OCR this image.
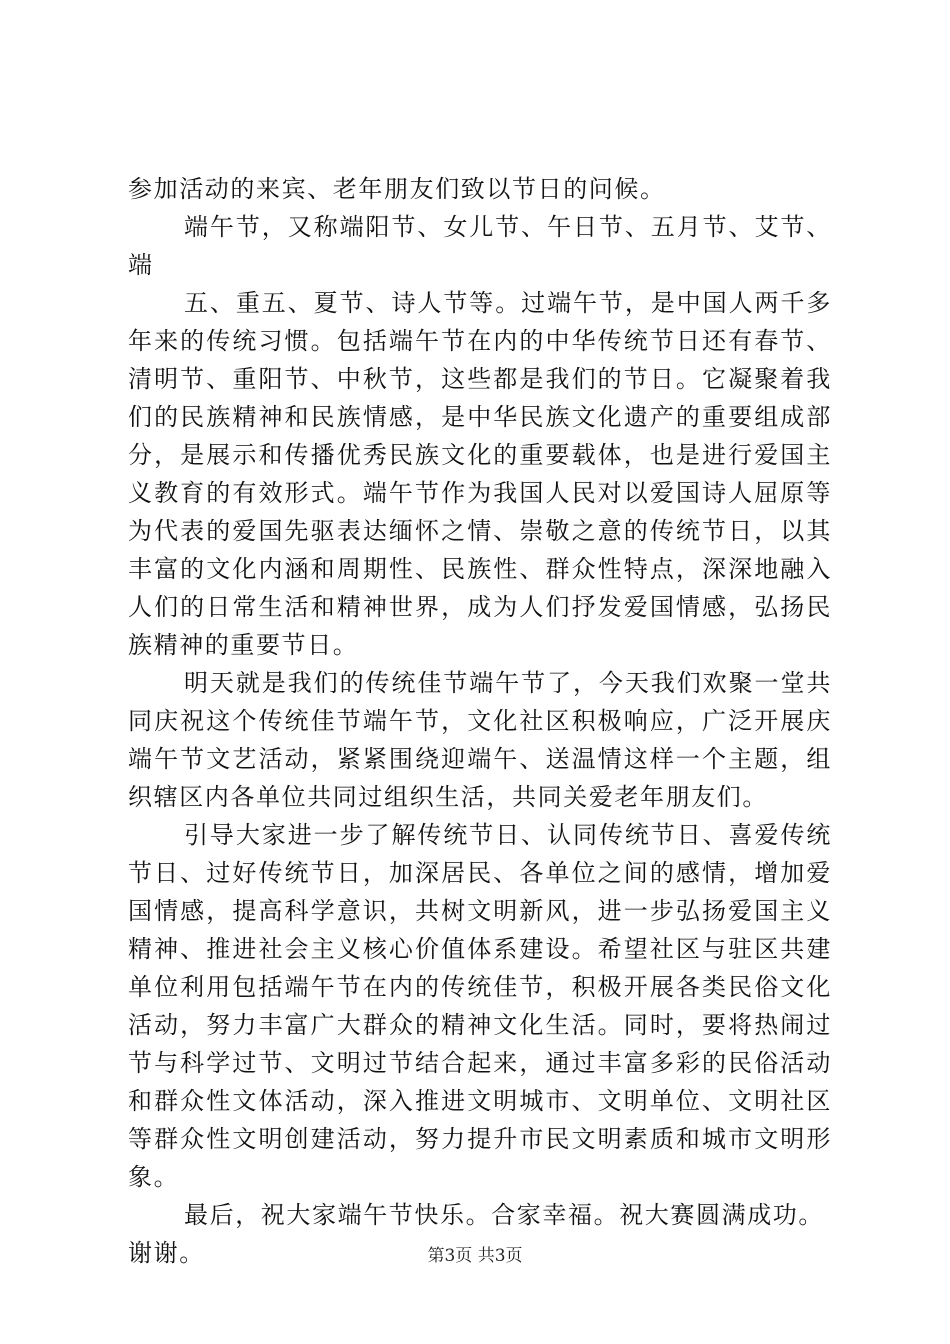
参加活动的来宾、老年朋友们致以节日的问候。
端午节，又称端阳节、女儿节、午日节、五月节、艾节、
端
五、重五、夏节、诗人节等。过端午节，是中国人两千多
年来的传统习惯。包括端午节在内的中华传统节日还有春节、
清明节、重阳节、中秋节，这些都是我们的节日。它凝聚着我
们的民族精神和民族情感，是中华民族文化遗产的重要组成部
分，是展示和传播优秀民族文化的重要载体，也是进行爱国主
义教育的有效形式。端午节作为我国人民对以爱国诗人屈原等
为代表的爱国先驱表达缅怀之情、崇敬之意的传统节日，以其
丰富的文化内涵和周期性、民族性、群众性特点，深深地融入
人们的日常生活和精神世界，成为人们抒发爱国情感，弘扬民
族精神的重要节日。
明天就是我们的传统佳节端午节了，今天我们欢聚一堂共
同庆祝这个传统佳节端午节，文化社区积极响应，广泛开展庆
端午节文艺活动，紧紧围绕迎端午、送温情这样一个主题，组
织辖区内各单位共同过组织生活，共同关爱老年朋友们。
引导大家进一步了解传统节日、认同传统节日、喜爱传统
节日、过好传统节日，加深居民、各单位之间的感情，增加爱
国情感，提高科学意识，共树文明新风，进一步弘扬爱国主义
精神、推进社会主义核心价值体系建设。希望社区与驻区共建
单位利用包括端午节在内的传统佳节，积极开展各类民俗文化
活动，努力丰富广大群众的精神文化生活。同时，要将热闹过
节与科学过节、文明过节结合起来，通过丰富多彩的民俗活动
和群众性文体活动，深入推进文明城市、文明单位、文明社区
等群众性文明创建活动，努力提升市民文明素质和城市文明形
象。
最后，祝大家端午节快乐。合家幸福。祝大赛圆满成功。
谢谢。	第3页 共3页
